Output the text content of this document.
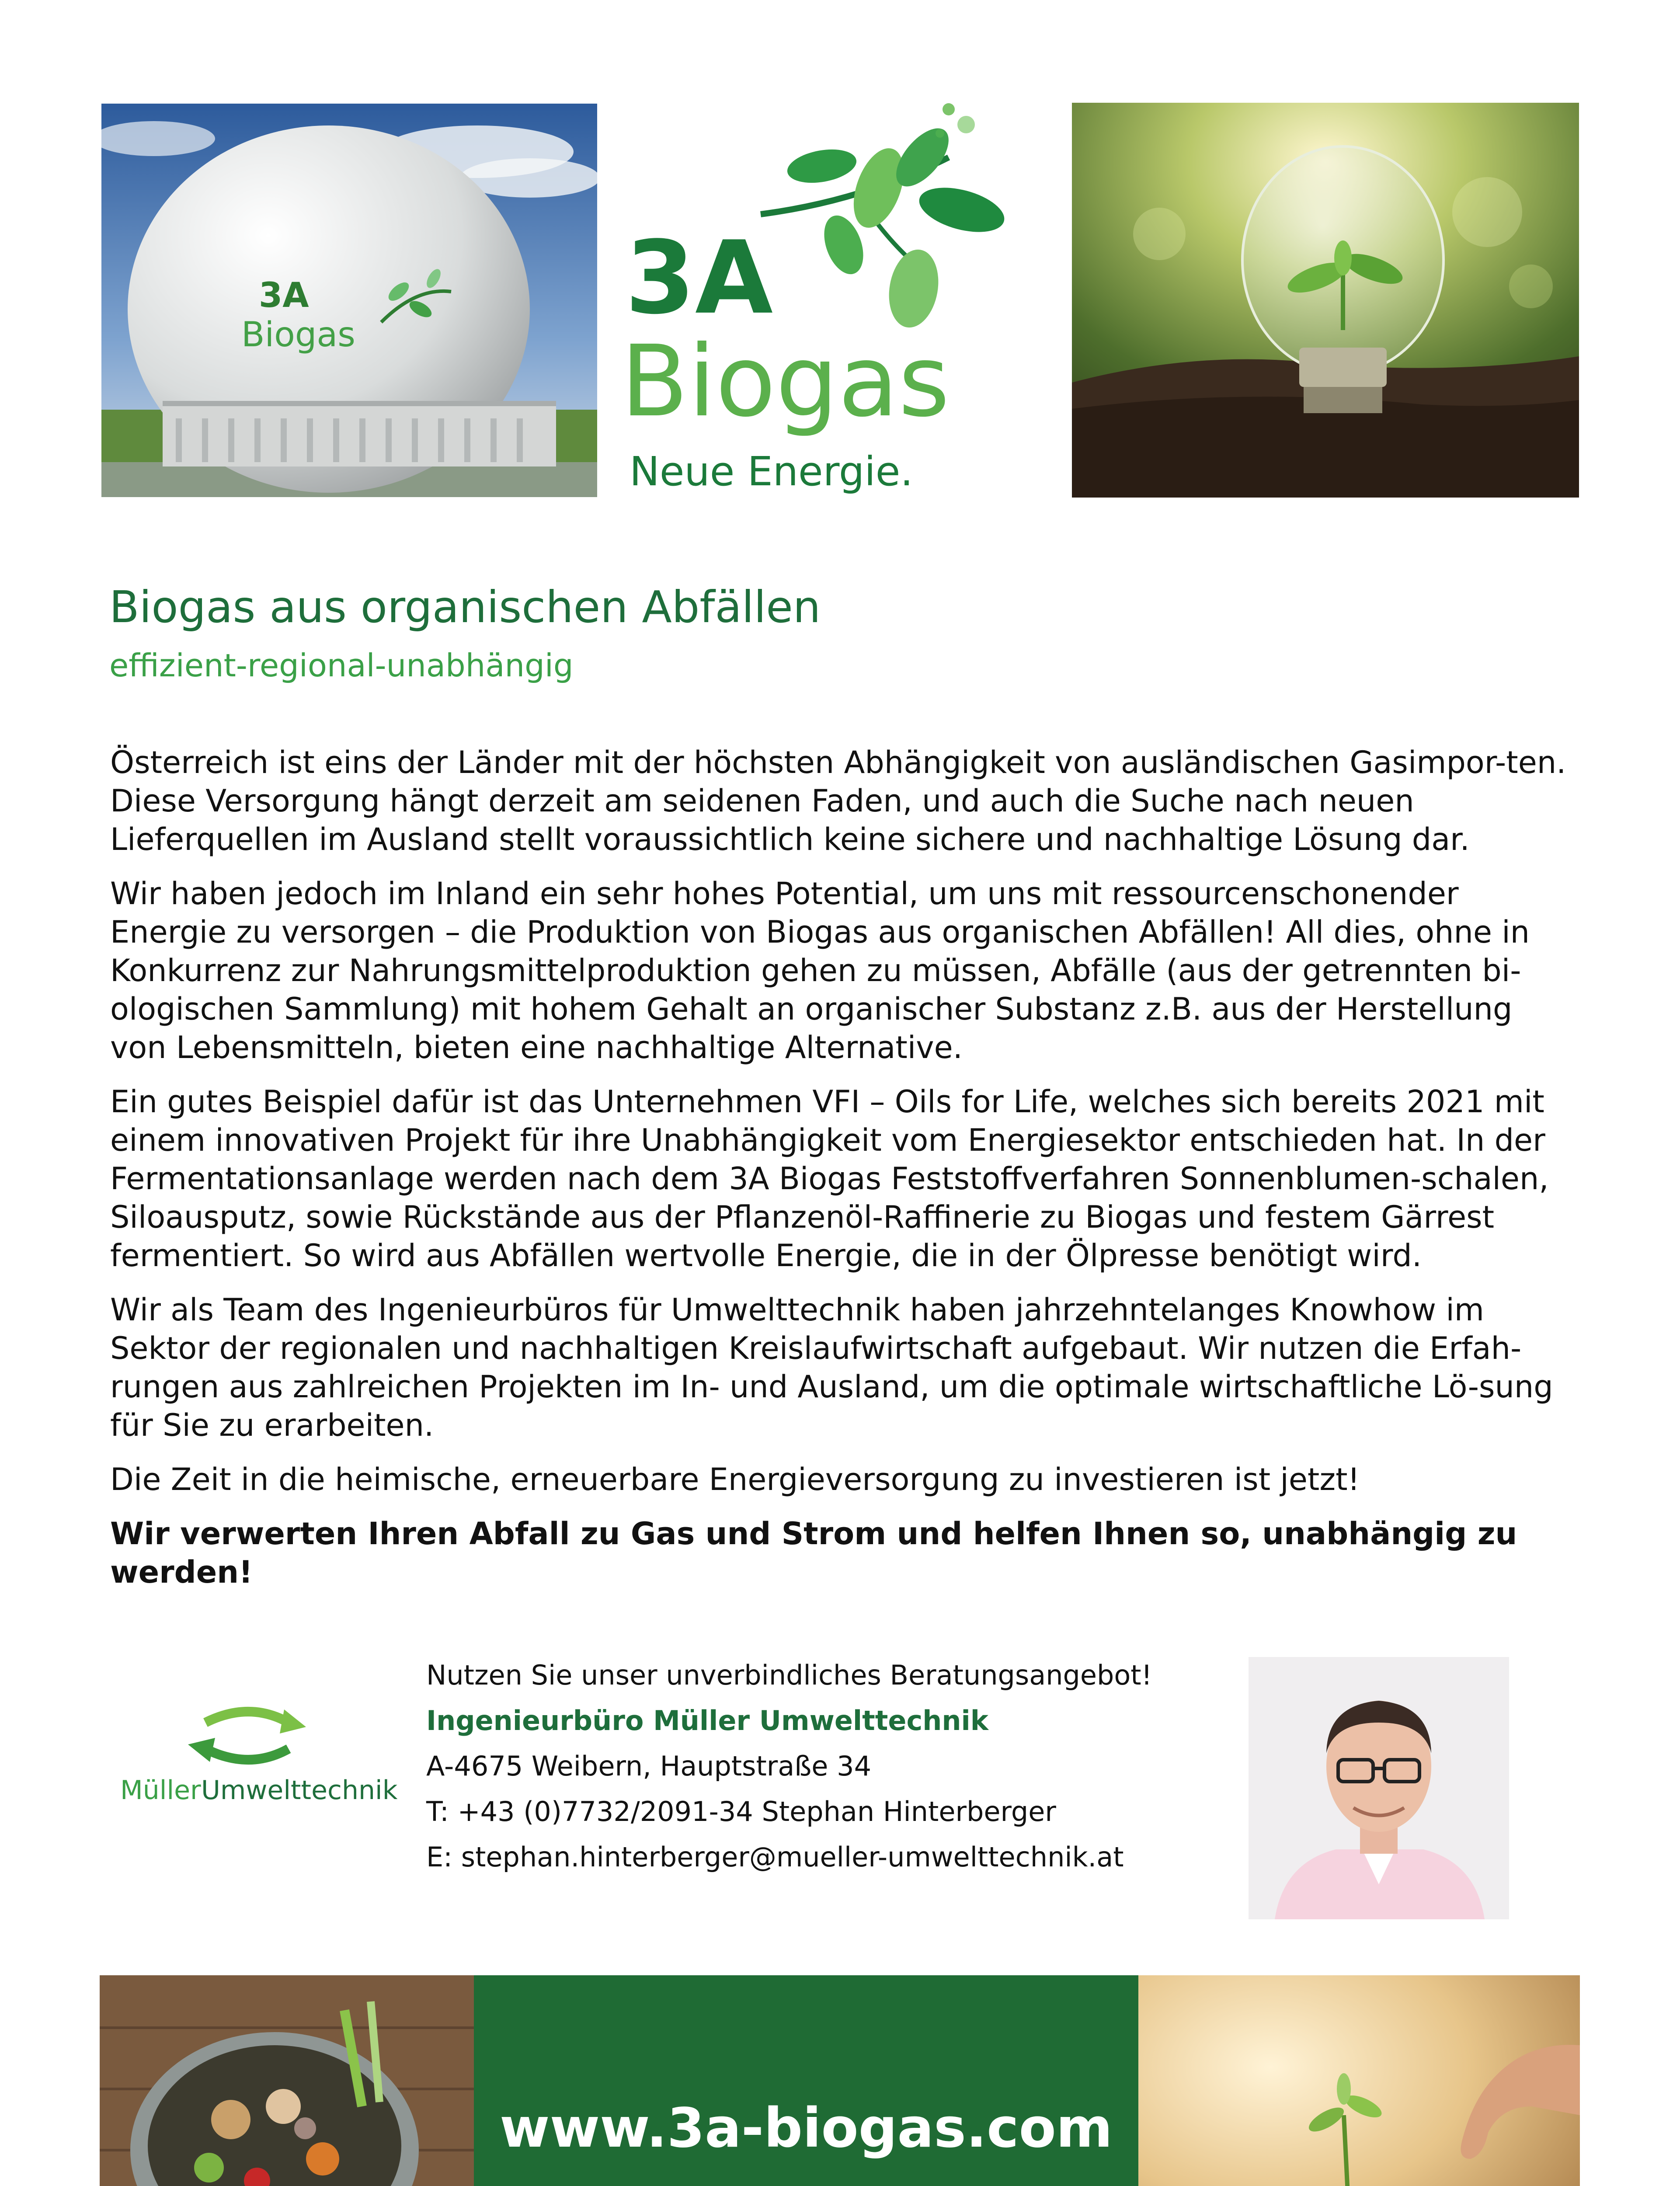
3A
Biogas	3A
Biogas
Neue Energie.
Biogas aus organischen Abfällen
effizient-regional-unabhängig

Österreich ist eins der Länder mit der höchsten Abhängigkeit von ausländischen Gasimpor-ten. Diese Versorgung hängt derzeit am seidenen Faden, und auch die Suche nach neuen Lieferquellen im Ausland stellt voraussichtlich keine sichere und nachhaltige Lösung dar.

Wir haben jedoch im Inland ein sehr hohes Potential, um uns mit ressourcenschonender Energie zu versorgen – die Produktion von Biogas aus organischen Abfällen! All dies, ohne in Konkurrenz zur Nahrungsmittelproduktion gehen zu müssen, Abfälle (aus der getrennten bi-ologischen Sammlung) mit hohem Gehalt an organischer Substanz z.B. aus der Herstellung von Lebensmitteln, bieten eine nachhaltige Alternative.

Ein gutes Beispiel dafür ist das Unternehmen VFI – Oils for Life, welches sich bereits 2021 mit einem innovativen Projekt für ihre Unabhängigkeit vom Energiesektor entschieden hat. In der Fermentationsanlage werden nach dem 3A Biogas Feststoffverfahren Sonnenblumen-schalen, Siloausputz, sowie Rückstände aus der Pflanzenöl-Raffinerie zu Biogas und festem Gärrest fermentiert. So wird aus Abfällen wertvolle Energie, die in der Ölpresse benötigt wird.

Wir als Team des Ingenieurbüros für Umwelttechnik haben jahrzehntelanges Knowhow im Sektor der regionalen und nachhaltigen Kreislaufwirtschaft aufgebaut. Wir nutzen die Erfah-rungen aus zahlreichen Projekten im In- und Ausland, um die optimale wirtschaftliche Lö-sung für Sie zu erarbeiten.

Die Zeit in die heimische, erneuerbare Energieversorgung zu investieren ist jetzt!

Wir verwerten Ihren Abfall zu Gas und Strom und helfen Ihnen so, unabhängig zu werden!

Müller Umwelttechnik
Nutzen Sie unser unverbindliches Beratungsangebot!
Ingenieurbüro Müller Umwelttechnik
A-4675 Weibern, Hauptstraße 34
T: +43 (0)7732/2091-34 Stephan Hinterberger
E: stephan.hinterberger@mueller-umwelttechnik.at
www.3a-biogas.com
